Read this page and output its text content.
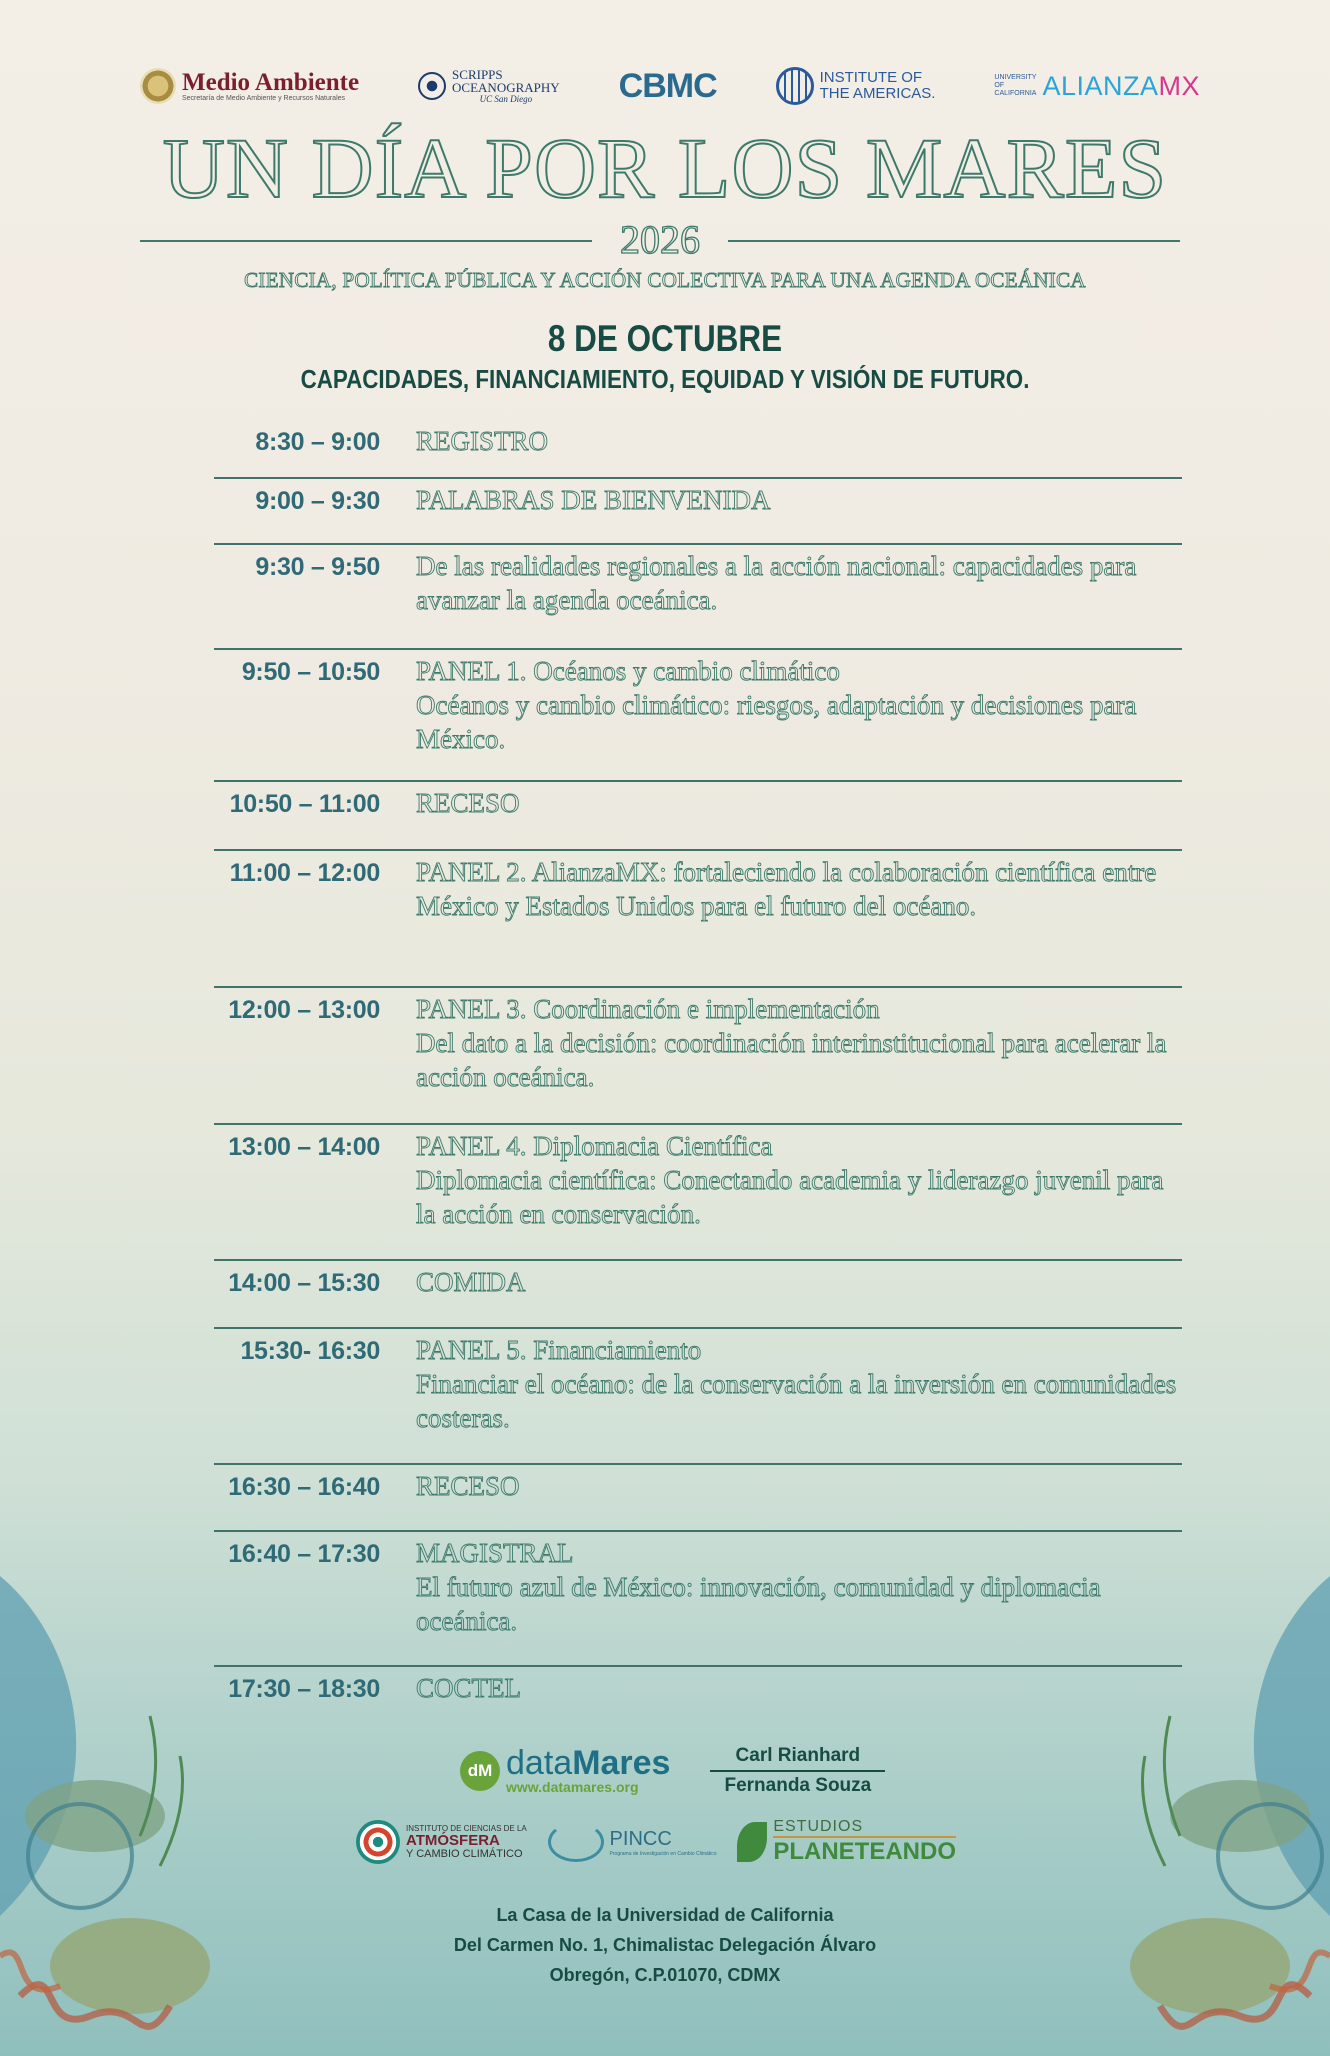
Medio Ambiente
Secretaría de Medio Ambiente y Recursos Naturales
SCRIPPS
OCEANOGRAPHY
UC San Diego	CBMC	INSTITUTE OF
THE AMERICAS.
UNIVERSITY
OF
CALIFORNIA ALIANZAMX
UN DÍA POR LOS MARES
2026
CIENCIA, POLÍTICA PÚBLICA Y ACCIÓN COLECTIVA PARA UNA AGENDA OCEÁNICA
8 DE OCTUBRE
CAPACIDADES, FINANCIAMIENTO, EQUIDAD Y VISIÓN DE FUTURO.
8:30 – 9:00 REGISTRO
9:00 – 9:30 PALABRAS DE BIENVENIDA
9:30 – 9:50 De las realidades regionales a la acción nacional: capacidades para avanzar la agenda oceánica.
9:50 – 10:50 PANEL 1. Océanos y cambio climático
Océanos y cambio climático: riesgos, adaptación y decisiones para México.
10:50 – 11:00 RECESO
11:00 – 12:00 PANEL 2. AlianzaMX: fortaleciendo la colaboración científica entre México y Estados Unidos para el futuro del océano.
12:00 – 13:00 PANEL 3. Coordinación e implementación
Del dato a la decisión: coordinación interinstitucional para acelerar la acción oceánica.
13:00 – 14:00 PANEL 4. Diplomacia Científica
Diplomacia científica: Conectando academia y liderazgo juvenil para la acción en conservación.
14:00 – 15:30 COMIDA
15:30- 16:30 PANEL 5. Financiamiento
Financiar el océano: de la conservación a la inversión en comunidades costeras.
16:30 – 16:40 RECESO
16:40 – 17:30 MAGISTRAL
El futuro azul de México: innovación, comunidad y diplomacia oceánica.
17:30 – 18:30 COCTEL
dM dataMares
www.datamares.org
Carl Rianhard
Fernanda Souza
INSTITUTO DE CIENCIAS DE LA
ATMÓSFERA
Y CAMBIO CLIMÁTICO
PINCC
Programa de Investigación en Cambio Climático
ESTUDIOS
PLANETEANDO
La Casa de la Universidad de California
Del Carmen No. 1, Chimalistac Delegación Álvaro
Obregón, C.P.01070, CDMX
